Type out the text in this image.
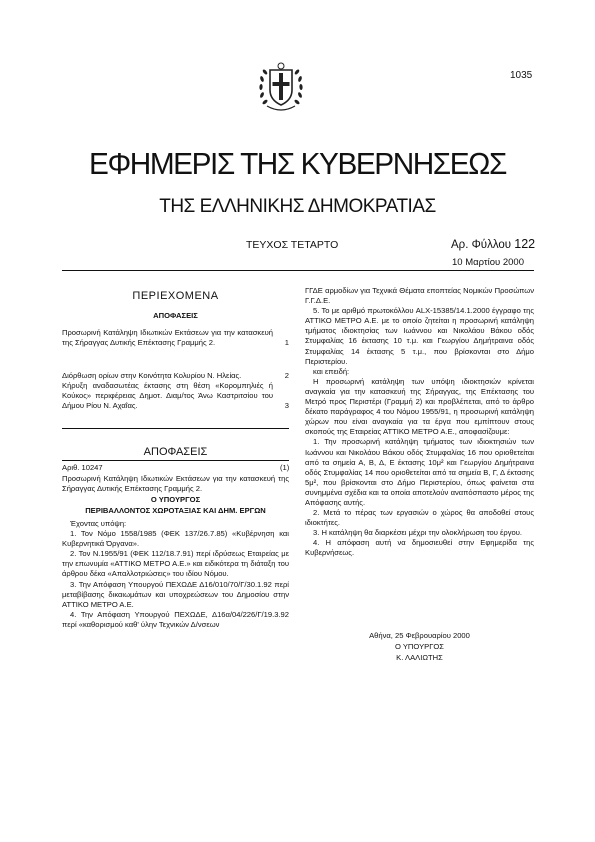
1035
ΕΦΗΜΕΡΙΣ ΤΗΣ ΚΥΒΕΡΝΗΣΕΩΣ
ΤΗΣ ΕΛΛΗΝΙΚΗΣ ΔΗΜΟΚΡΑΤΙΑΣ
ΤΕΥΧΟΣ ΤΕΤΑΡΤΟ	Αρ. Φύλλου 122
10 Μαρτίου 2000
ΠΕΡΙΕΧΟΜΕΝΑ
ΑΠΟΦΑΣΕΙΣ
Προσωρινή Κατάληψη Ιδιωτικών Εκτάσεων για την κατασκευή της Σήραγγας Δυτικής Επέκτασης Γραμμής 2.	1
Διόρθωση ορίων στην Κοινότητα Κολυρίου Ν. Ηλείας.	2
Κήρυξη αναδασωτέας έκτασης στη θέση «Κορομπηλιές ή Κούκος» περιφέρειας Δημοτ. Διαμ/τος Άνω Καστριτσίου του Δήμου Ρίου Ν. Αχαΐας.	3
ΑΠΟΦΑΣΕΙΣ
Αριθ. 10247	(1)
Προσωρινή Κατάληψη Ιδιωτικών Εκτάσεων για την κατασκευή της Σήραγγας Δυτικής Επέκτασης Γραμμής 2.
Ο ΥΠΟΥΡΓΟΣ
ΠΕΡΙΒΑΛΛΟΝΤΟΣ ΧΩΡΟΤΑΞΙΑΣ ΚΑΙ ΔΗΜ. ΕΡΓΩΝ
Έχοντας υπόψη:
1. Τον Νόμο 1558/1985 (ΦΕΚ 137/26.7.85) «Κυβέρνηση και Κυβερνητικά Όργανα».
2. Τον Ν.1955/91 (ΦΕΚ 112/18.7.91) περί ιδρύσεως Εταιρείας με την επωνυμία «ΑΤΤΙΚΟ ΜΕΤΡΟ Α.Ε.» και ειδικότερα τη διάταξη του άρθρου δέκα «Απαλλοτριώσεις» του ιδίου Νόμου.
3. Την Απόφαση Υπουργού ΠΕΧΩΔΕ Δ16/010/70/Γ/30.1.92 περί μεταβίβασης δικαιωμάτων και υποχρεώσεων του Δημοσίου στην ΑΤΤΙΚΟ ΜΕΤΡΟ Α.Ε.
4. Την Απόφαση Υπουργού ΠΕΧΩΔΕ, Δ16α/04/226/Γ/19.3.92 περί «καθορισμού καθ' ύλην Τεχνικών Δ/νσεων
ΓΓΔΕ αρμοδίων για Τεχνικά Θέματα εποπτείας Νομικών Προσώπων Γ.Γ.Δ.Ε.
5. Το με αριθμό πρωτοκόλλου ALX-15385/14.1.2000 έγγραφο της ΑΤΤΙΚΟ ΜΕΤΡΟ Α.Ε. με το οποίο ζητείται η προσωρινή κατάληψη τμήματος ιδιοκτησίας των Ιωάννου και Νικολάου Βάκου οδός Στυμφαλίας 16 έκτασης 10 τ.μ. και Γεωργίου Δημήτραινα οδός Στυμφαλίας 14 έκτασης 5 τ.μ., που βρίσκονται στο Δήμο Περιστερίου.
και επειδή:
Η προσωρινή κατάληψη των υπόψη ιδιοκτησιών κρίνεται αναγκαία για την κατασκευή της Σήραγγας, της Επέκτασης του Μετρό προς Περιστέρι (Γραμμή 2) και προβλέπεται, από το άρθρο δέκατο παράγραφος 4 του Νόμου 1955/91, η προσωρινή κατάληψη χώρων που είναι αναγκαία για τα έργα που εμπίπτουν στους σκοπούς της Εταιρείας ΑΤΤΙΚΟ ΜΕΤΡΟ Α.Ε., αποφασίζουμε:
1. Την προσωρινή κατάληψη τμήματος των ιδιοκτησιών των Ιωάννου και Νικολάου Βάκου οδός Στυμφαλίας 16 που οριοθετείται από τα σημεία Α, Β, Δ, Ε έκτασης 10μ² και Γεωργίου Δημήτραινα οδός Στυμφαλίας 14 που οριοθετείται από τα σημεία Β, Γ, Δ έκτασης 5μ², που βρίσκονται στο Δήμο Περιστερίου, όπως φαίνεται στα συνημμένα σχέδια και τα οποία αποτελούν αναπόσπαστο μέρος της Απόφασης αυτής.
2. Μετά το πέρας των εργασιών ο χώρος θα αποδοθεί στους ιδιοκτήτες.
3. Η κατάληψη θα διαρκέσει μέχρι την ολοκλήρωση του έργου.
4. Η απόφαση αυτή να δημοσιευθεί στην Εφημερίδα της Κυβερνήσεως.
Αθήνα, 25 Φεβρουαρίου 2000
Ο ΥΠΟΥΡΓΟΣ
Κ. ΛΑΛΙΩΤΗΣ
